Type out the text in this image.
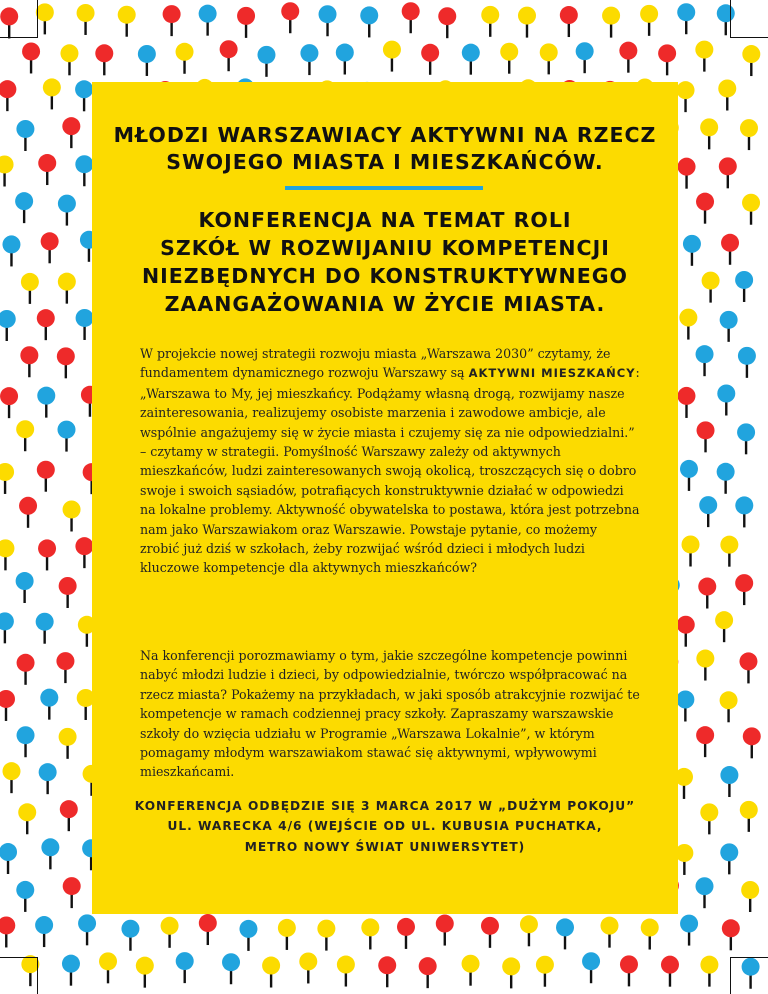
MŁODZI WARSZAWIACY AKTYWNI NA RZECZ
SWOJEGO MIASTA I MIESZKAŃCÓW.
KONFERENCJA NA TEMAT ROLI
SZKÓŁ W ROZWIJANIU KOMPETENCJI
NIEZBĘDNYCH DO KONSTRUKTYWNEGO
ZAANGAŻOWANIA W ŻYCIE MIASTA.

W projekcie nowej strategii rozwoju miasta „Warszawa 2030” czytamy, że fundamentem dynamicznego rozwoju Warszawy są AKTYWNI MIESZKAŃCY: „Warszawa to My, jej mieszkańcy. Podążamy własną drogą, rozwijamy nasze zainteresowania, realizujemy osobiste marzenia i zawodowe ambicje, ale wspólnie angażujemy się w życie miasta i czujemy się za nie odpowiedzialni.” – czytamy w strategii. Pomyślność Warszawy zależy od aktywnych mieszkańców, ludzi zainteresowanych swoją okolicą, troszczących się o dobro swoje i swoich sąsiadów, potrafiących konstruktywnie działać w odpowiedzi na lokalne problemy. Aktywność obywatelska to postawa, która jest potrzebna nam jako Warszawiakom oraz Warszawie. Powstaje pytanie, co możemy zrobić już dziś w szkołach, żeby rozwijać wśród dzieci i młodych ludzi kluczowe kompetencje dla aktywnych mieszkańców?

Na konferencji porozmawiamy o tym, jakie szczególne kompetencje powinni nabyć młodzi ludzie i dzieci, by odpowiedzialnie, twórczo współpracować na rzecz miasta? Pokażemy na przykładach, w jaki sposób atrakcyjnie rozwijać te kompetencje w ramach codziennej pracy szkoły. Zapraszamy warszawskie szkoły do wzięcia udziału w Programie „Warszawa Lokalnie”, w którym pomagamy młodym warszawiakom stawać się aktywnymi, wpływowymi mieszkańcami.

KONFERENCJA ODBĘDZIE SIĘ 3 MARCA 2017 W „DUŻYM POKOJU”
UL. WARECKA 4/6 (WEJŚCIE OD UL. KUBUSIA PUCHATKA,
METRO NOWY ŚWIAT UNIWERSYTET)
